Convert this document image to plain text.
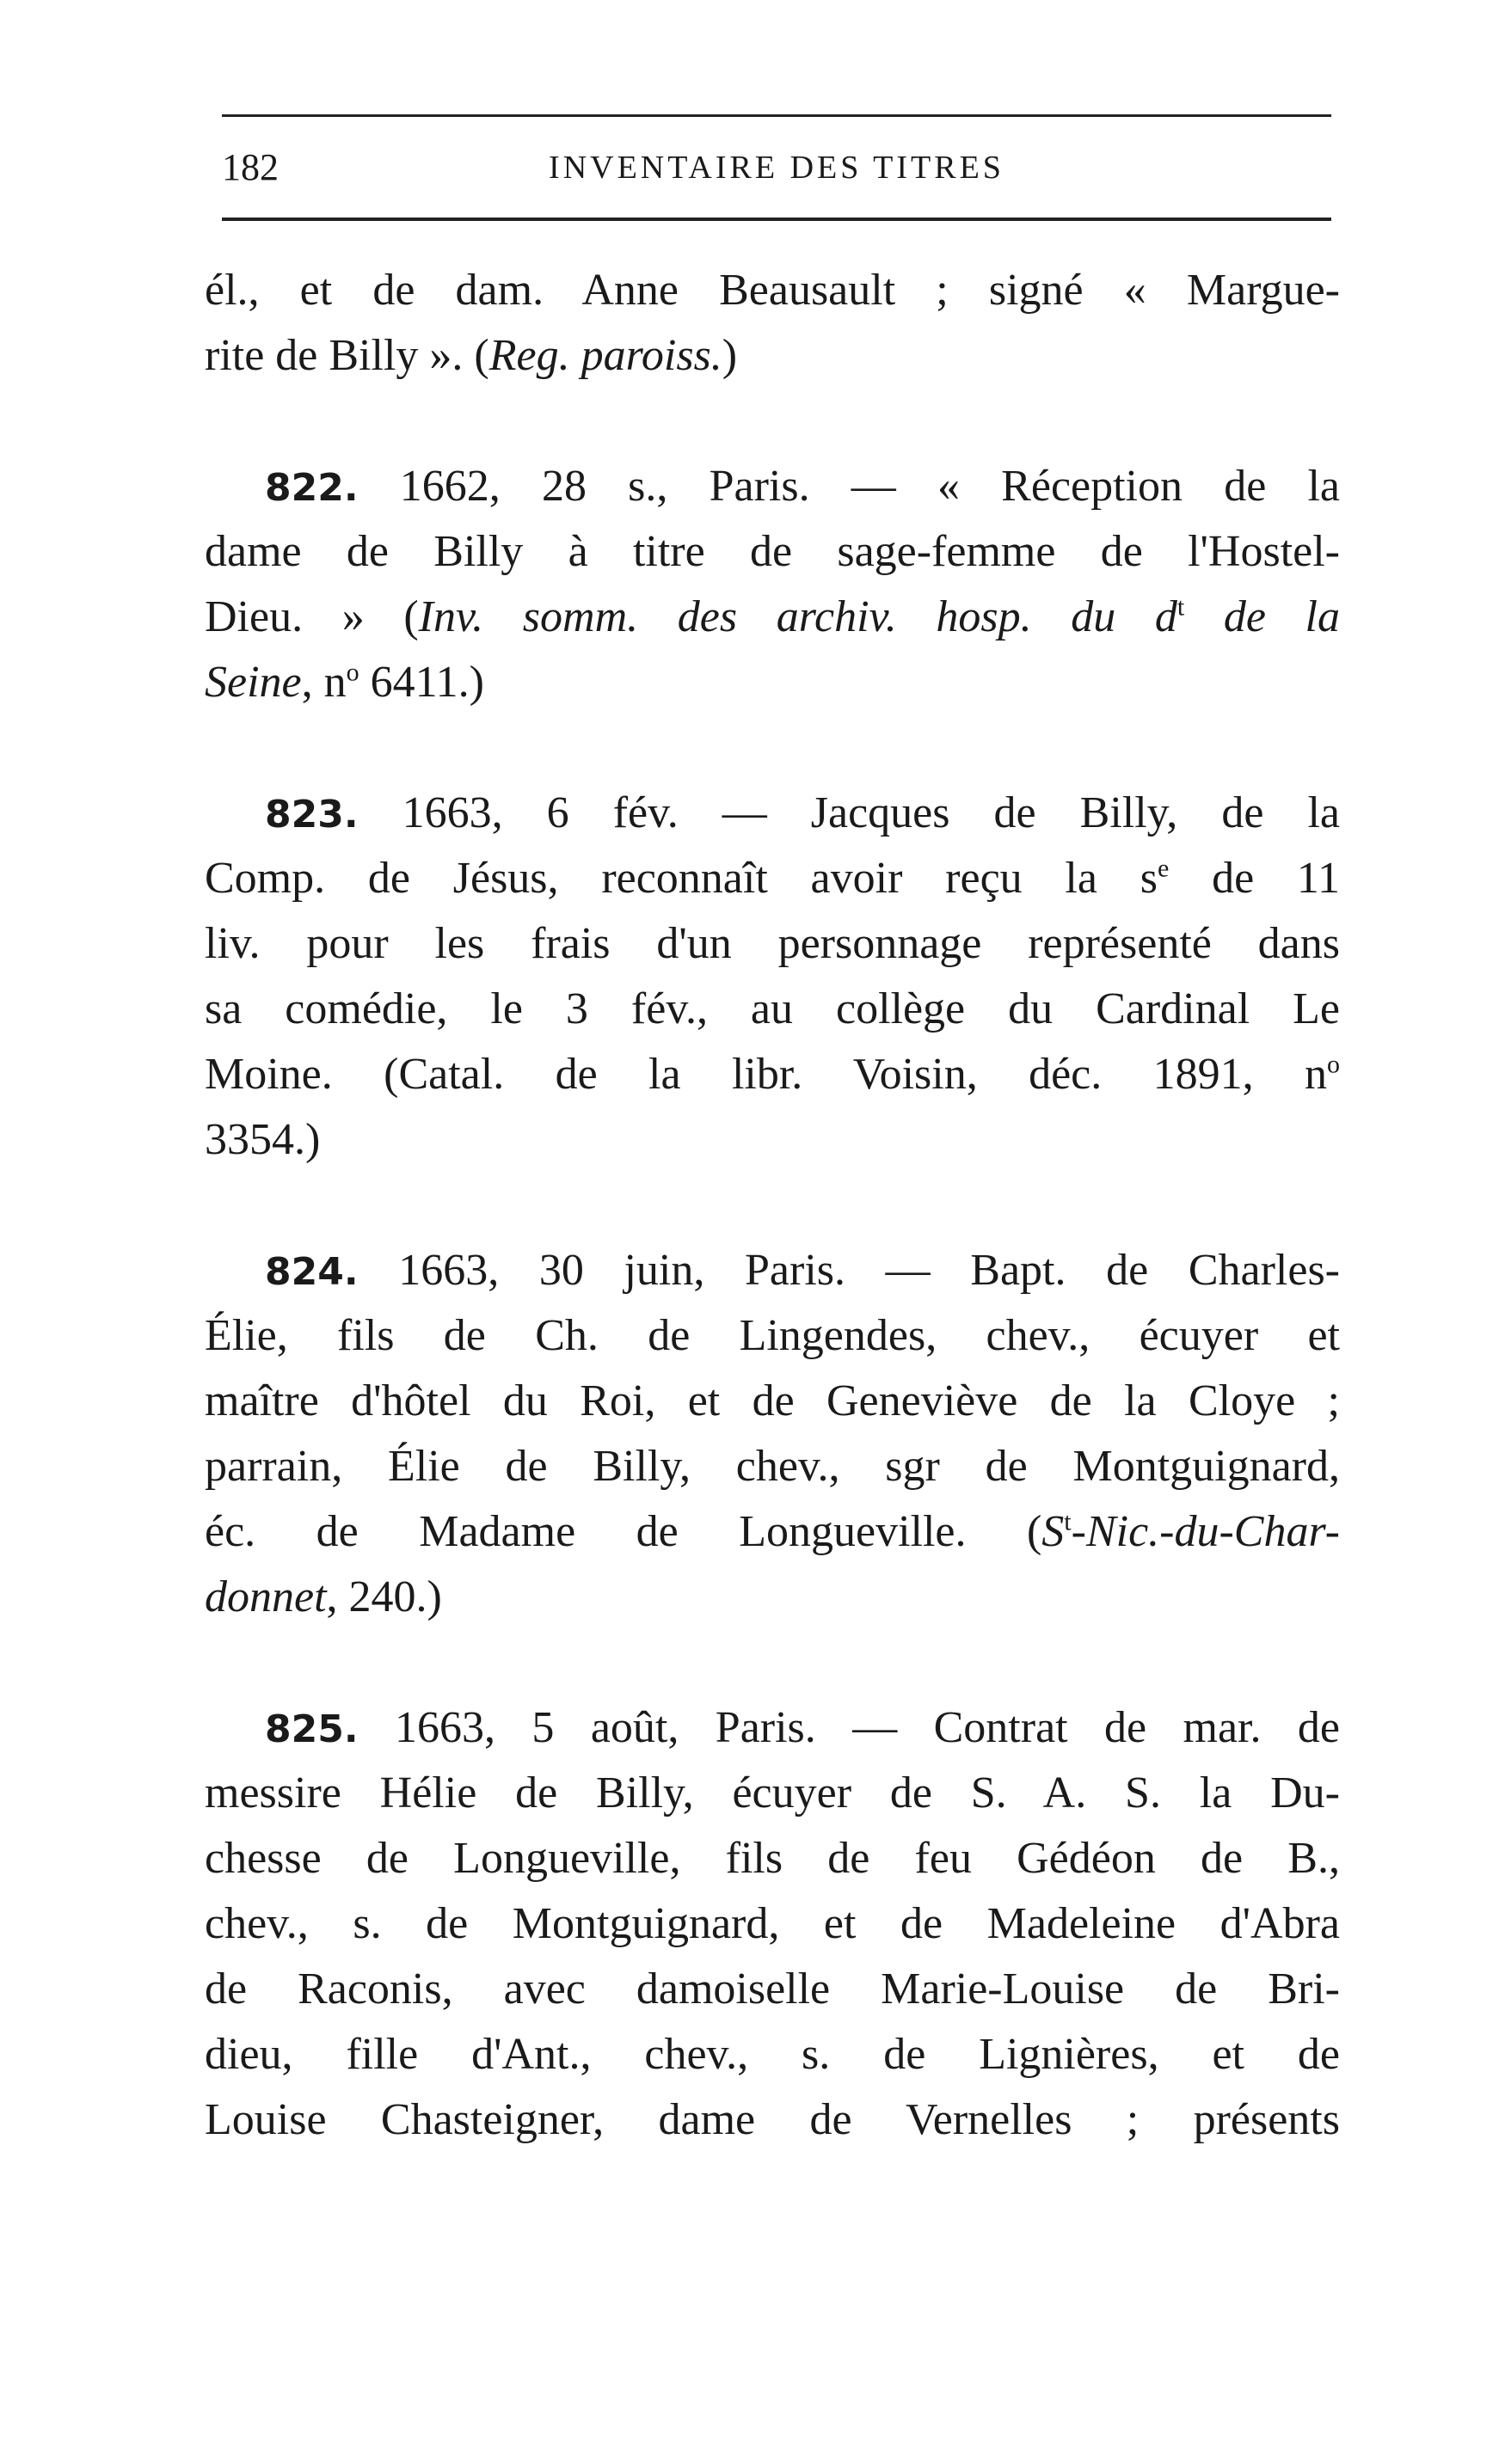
182	INVENTAIRE DES TITRES
él., et de dam. Anne Beausault ; signé « Margue-
rite de Billy ». (Reg. paroiss.)
822. 1662, 28 s., Paris. — « Réception de la
dame de Billy à titre de sage-femme de l'Hostel-
Dieu. » (Inv. somm. des archiv. hosp. du $d^t$ de la
Seine, $n^o$ 6411.)
823. 1663, 6 fév. — Jacques de Billy, de la
Comp. de Jésus, reconnaît avoir reçu la $s^e$ de 11
liv. pour les frais d'un personnage représenté dans
sa comédie, le 3 fév., au collège du Cardinal Le
Moine. (Catal. de la libr. Voisin, déc. 1891, $n^o$
3354.)
824. 1663, 30 juin, Paris. — Bapt. de Charles-
Élie, fils de Ch. de Lingendes, chev., écuyer et
maître d'hôtel du Roi, et de Geneviève de la Cloye ;
parrain, Élie de Billy, chev., sgr de Montguignard,
éc. de Madame de Longueville. ($S^t-Nic.-du-Char-$
donnet, 240.)
825. 1663, 5 août, Paris. — Contrat de mar. de
messire Hélie de Billy, écuyer de S. A. S. la Du-
chesse de Longueville, fils de feu Gédéon de B.,
chev., s. de Montguignard, et de Madeleine d'Abra
de Raconis, avec damoiselle Marie-Louise de Bri-
dieu, fille d'Ant., chev., s. de Lignières, et de
Louise Chasteigner, dame de Vernelles ; présents
